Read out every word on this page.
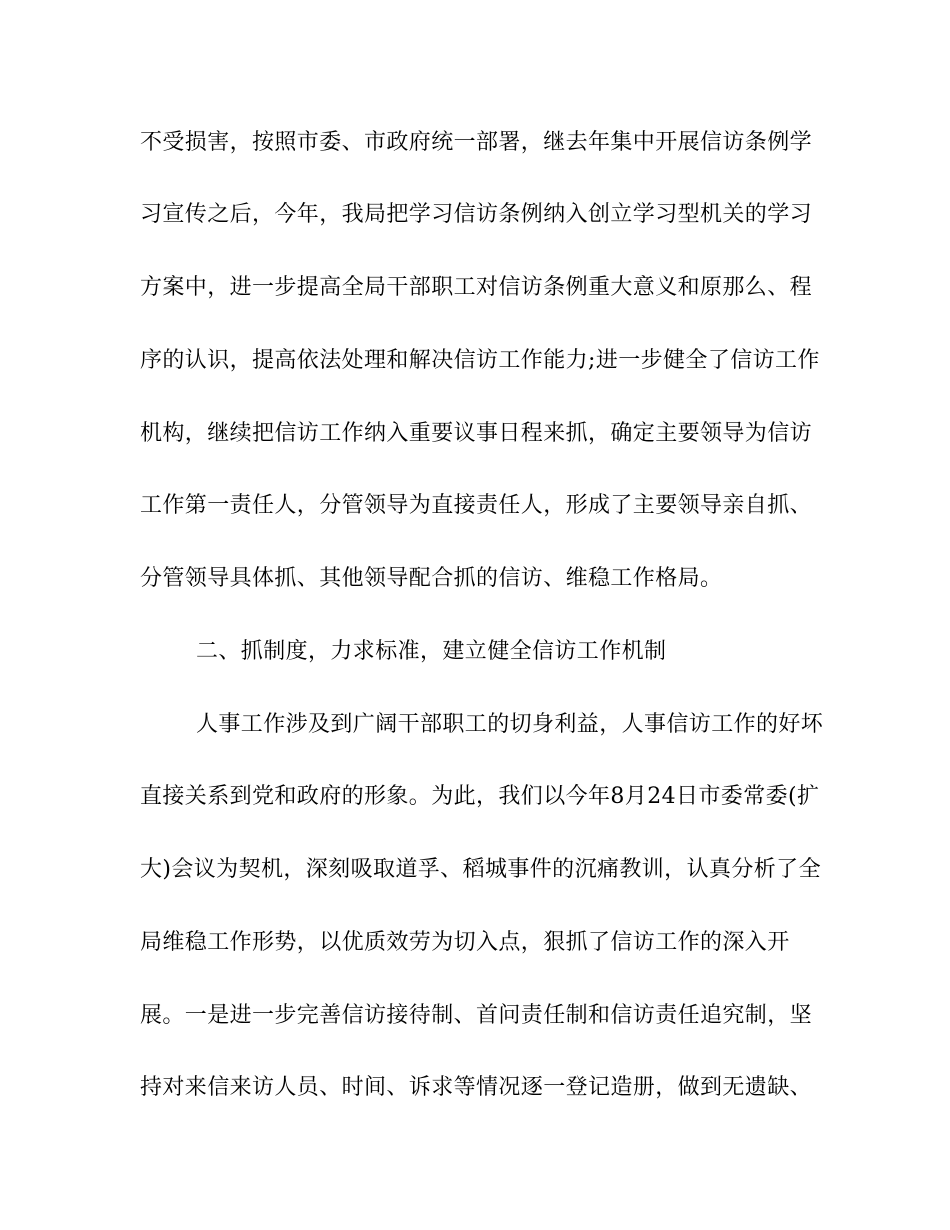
不受损害，按照市委、市政府统一部署，继去年集中开展信访条例学
习宣传之后，今年，我局把学习信访条例纳入创立学习型机关的学习
方案中，进一步提高全局干部职工对信访条例重大意义和原那么、程
序的认识，提高依法处理和解决信访工作能力;进一步健全了信访工作
机构，继续把信访工作纳入重要议事日程来抓，确定主要领导为信访
工作第一责任人，分管领导为直接责任人，形成了主要领导亲自抓、
分管领导具体抓、其他领导配合抓的信访、维稳工作格局。
二、抓制度，力求标准，建立健全信访工作机制
人事工作涉及到广阔干部职工的切身利益，人事信访工作的好坏
直接关系到党和政府的形象。为此，我们以今年8月24日市委常委(扩
大)会议为契机，深刻吸取道孚、稻城事件的沉痛教训，认真分析了全
局维稳工作形势，以优质效劳为切入点，狠抓了信访工作的深入开
展。一是进一步完善信访接待制、首问责任制和信访责任追究制，坚
持对来信来访人员、时间、诉求等情况逐一登记造册，做到无遗缺、
